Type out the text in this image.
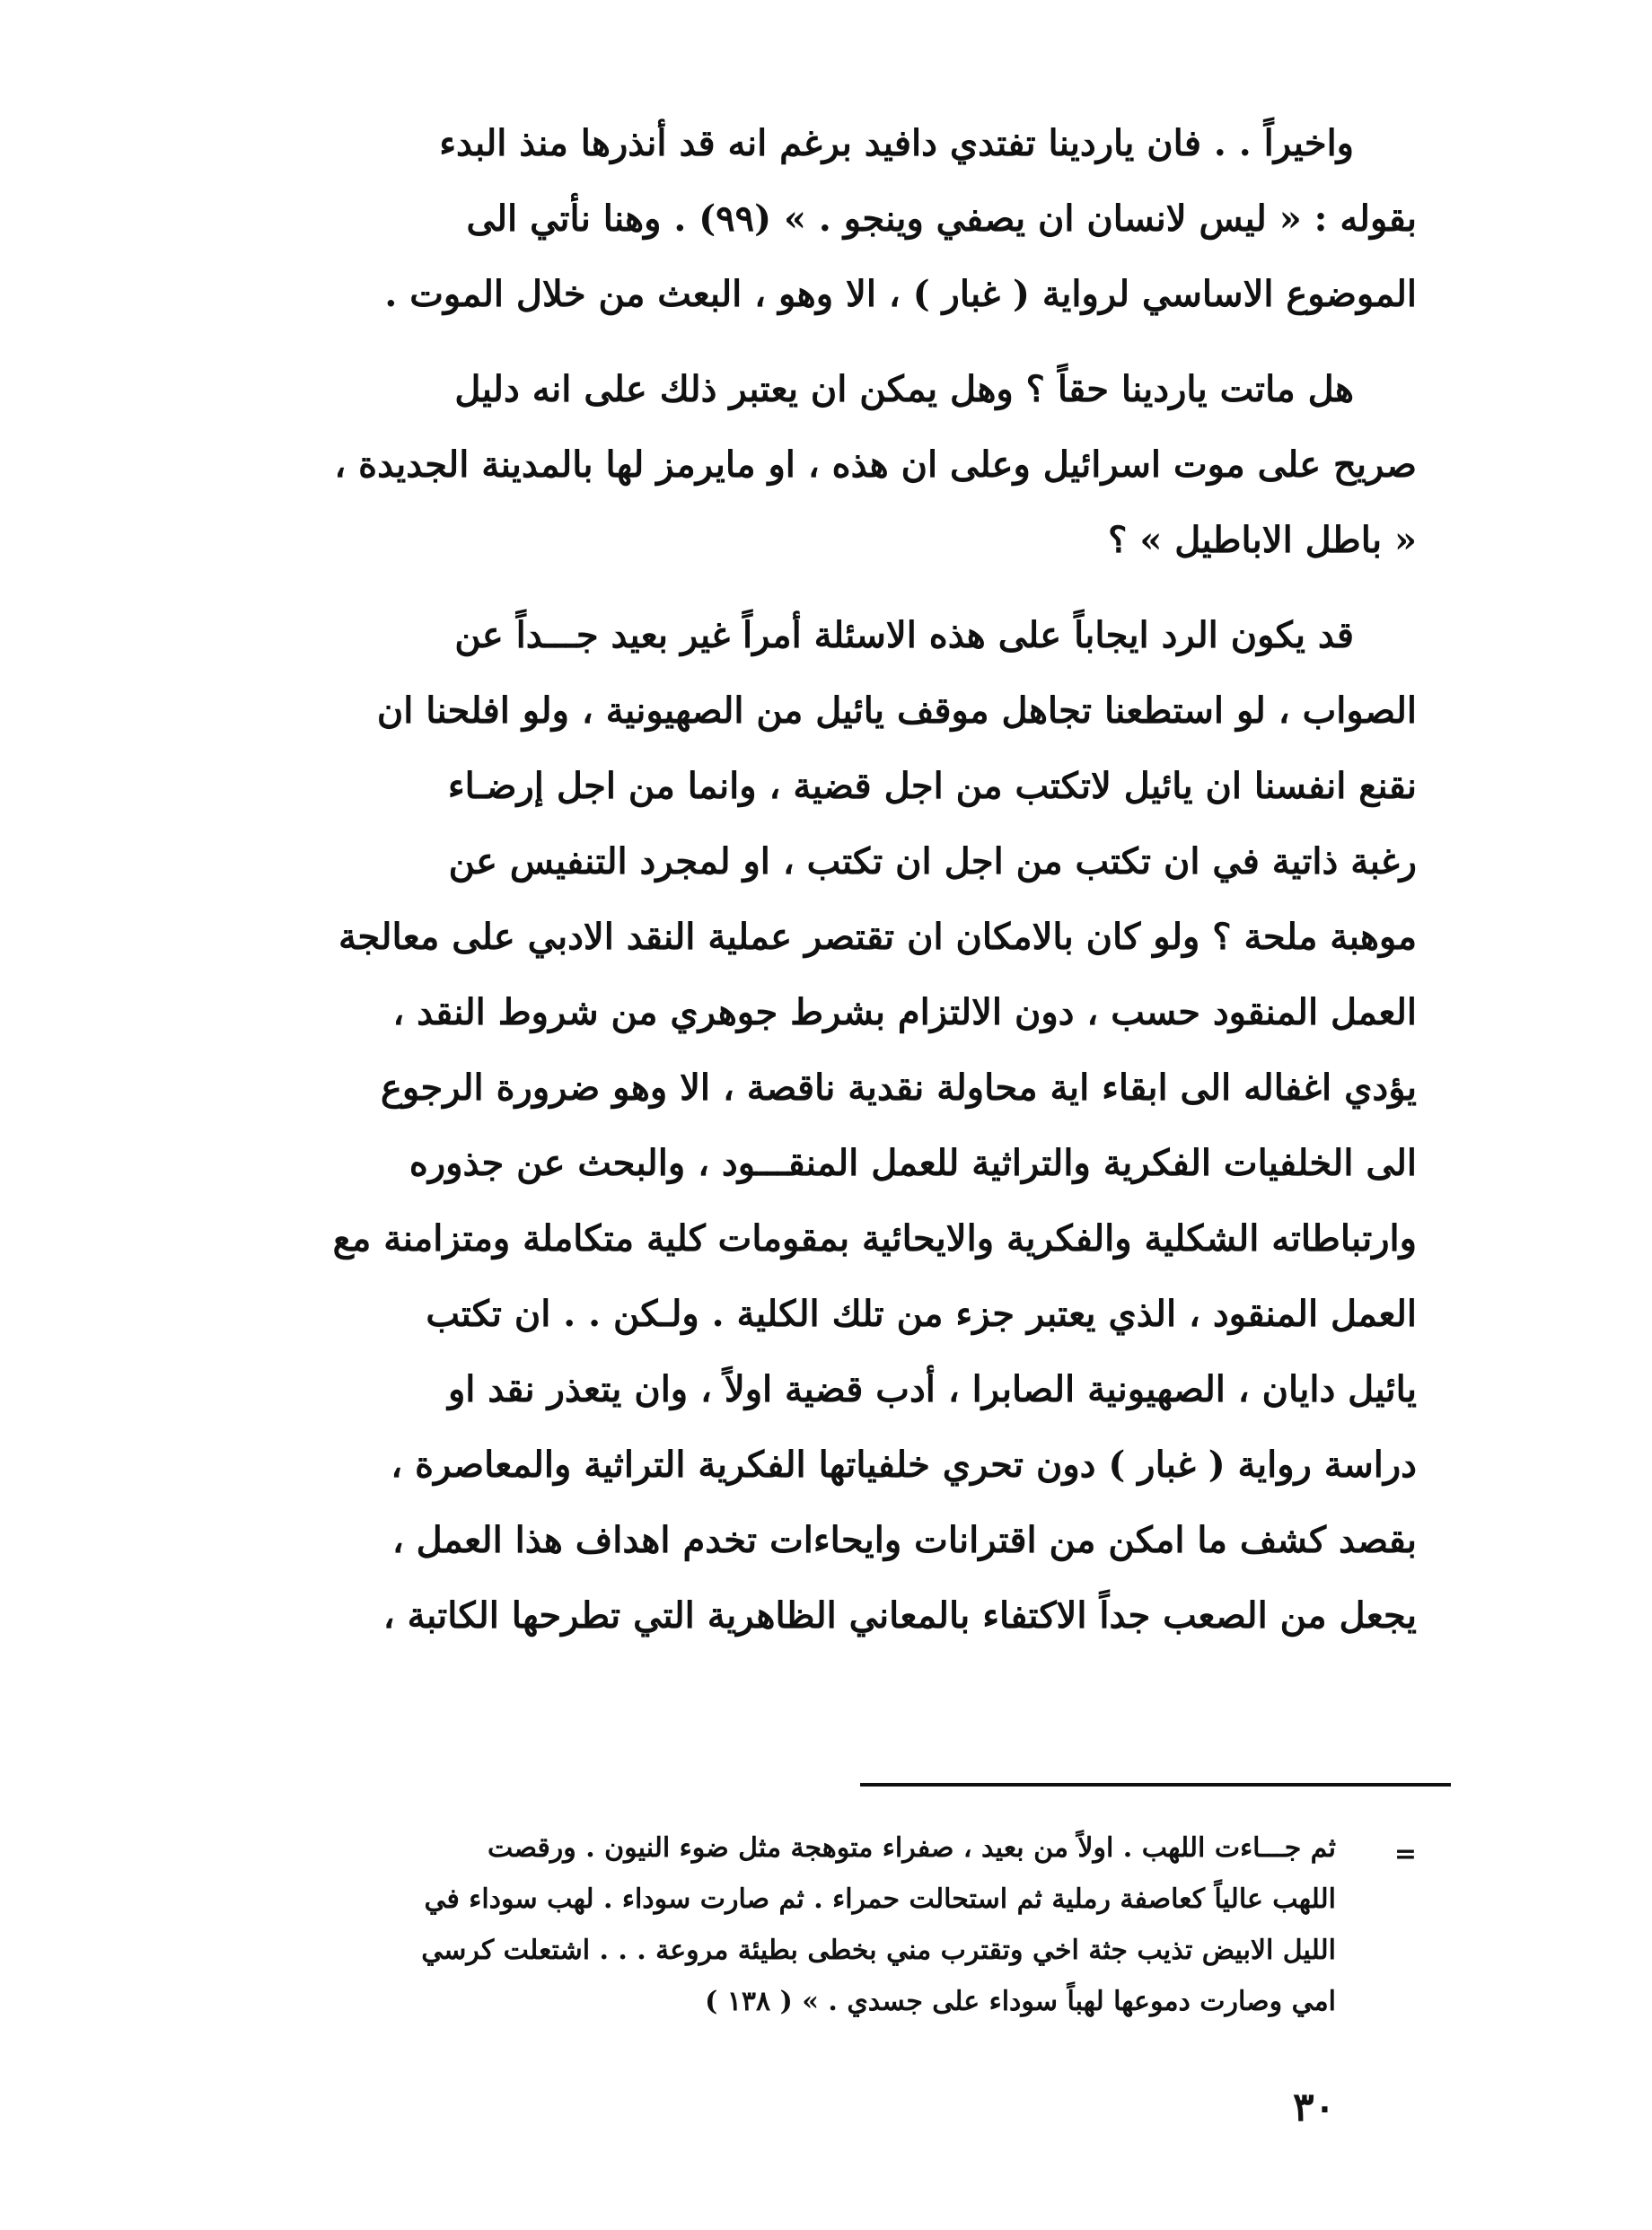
واخيراً . . فان ياردينا تفتدي دافيد برغم انه قد أنذرها منذ البدء
بقوله : « ليس لانسان ان يصفي وينجو . » (٩٩) . وهنا نأتي الى
الموضوع الاساسي لرواية ( غبار ) ، الا وهو ، البعث من خلال الموت .

هل ماتت ياردينا حقاً ؟ وهل يمكن ان يعتبر ذلك على انه دليل
صريح على موت اسرائيل وعلى ان هذه ، او مايرمز لها بالمدينة الجديدة ،
« باطل الاباطيل » ؟

قد يكون الرد ايجاباً على هذه الاسئلة أمراً غير بعيد جـــداً عن
الصواب ، لو استطعنا تجاهل موقف يائيل من الصهيونية ، ولو افلحنا ان
نقنع انفسنا ان يائيل لاتكتب من اجل قضية ، وانما من اجل إرضـاء
رغبة ذاتية في ان تكتب من اجل ان تكتب ، او لمجرد التنفيس عن
موهبة ملحة ؟ ولو كان بالامكان ان تقتصر عملية النقد الادبي على معالجة
العمل المنقود حسب ، دون الالتزام بشرط جوهري من شروط النقد ،
يؤدي اغفاله الى ابقاء اية محاولة نقدية ناقصة ، الا وهو ضرورة الرجوع
الى الخلفيات الفكرية والتراثية للعمل المنقـــود ، والبحث عن جذوره
وارتباطاته الشكلية والفكرية والايحائية بمقومات كلية متكاملة ومتزامنة مع
العمل المنقود ، الذي يعتبر جزء من تلك الكلية . ولـكن . . ان تكتب
يائيل دايان ، الصهيونية الصابرا ، أدب قضية اولاً ، وان يتعذر نقد او
دراسة رواية ( غبار ) دون تحري خلفياتها الفكرية التراثية والمعاصرة ،
بقصد كشف ما امكن من اقترانات وايحاءات تخدم اهداف هذا العمل ،
يجعل من الصعب جداً الاكتفاء بالمعاني الظاهرية التي تطرحها الكاتبة ،

=

ثم جـــاءت اللهب . اولاً من بعيد ، صفراء متوهجة مثل ضوء النيون . ورقصت
اللهب عالياً كعاصفة رملية ثم استحالت حمراء . ثم صارت سوداء . لهب سوداء في
الليل الابيض تذيب جثة اخي وتقترب مني بخطى بطيئة مروعة . . . اشتعلت كرسي
امي وصارت دموعها لهباً سوداء على جسدي . » ( ١٣٨ )

٣٠
